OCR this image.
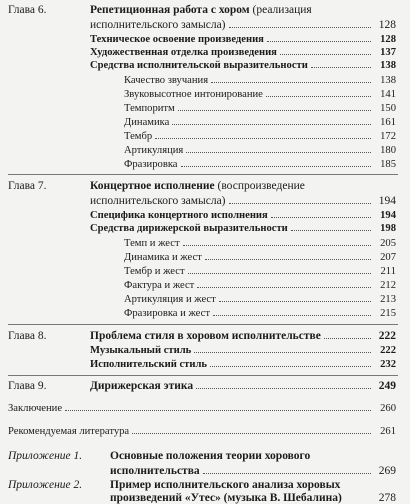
Глава 6.	Репетиционная работа с хором (реализация
исполнительского замысла)	128
Техническое освоение произведения	128
Художественная отделка произведения	137
Средства исполнительской выразительности	138
Качество звучания	138
Звуковысотное интонирование	141
Темпоритм	150
Динамика	161
Тембр	172
Артикуляция	180
Фразировка	185
Глава 7.	Концертное исполнение (воспроизведение
исполнительского замысла)	194
Специфика концертного исполнения	194
Средства дирижерской выразительности	198
Темп и жест	205
Динамика и жест	207
Тембр и жест	211
Фактура и жест	212
Артикуляция и жест	213
Фразировка и жест	215
Глава 8.	Проблема стиля в хоровом исполнительстве	222
Музыкальный стиль	222
Исполнительский стиль	232
Глава 9.	Дирижерская этика	249
Заключение	260
Рекомендуемая литература	261
Приложение 1. Основные положения теории хорового
исполнительства	269
Приложение 2. Пример исполнительского анализа хоровых
произведений «Утес» (музыка В. Шебалина)	278
